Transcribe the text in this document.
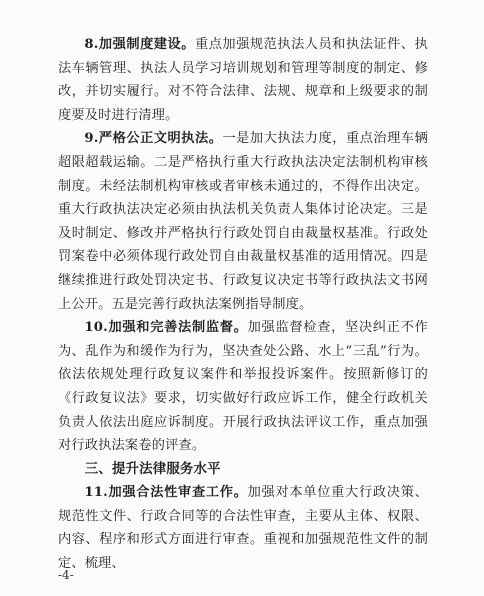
8.加强制度建设。重点加强规范执法人员和执法证件、执法车辆管理、执法人员学习培训规划和管理等制度的制定、修改，并切实履行。对不符合法律、法规、规章和上级要求的制度要及时进行清理。

9.严格公正文明执法。一是加大执法力度，重点治理车辆超限超载运输。二是严格执行重大行政执法决定法制机构审核制度。未经法制机构审核或者审核未通过的，不得作出决定。重大行政执法决定必须由执法机关负责人集体讨论决定。三是及时制定、修改并严格执行行政处罚自由裁量权基准。行政处罚案卷中必须体现行政处罚自由裁量权基准的适用情况。四是继续推进行政处罚决定书、行政复议决定书等行政执法文书网上公开。五是完善行政执法案例指导制度。

10.加强和完善法制监督。加强监督检查，坚决纠正不作为、乱作为和缓作为行为，坚决查处公路、水上“三乱”行为。依法依规处理行政复议案件和举报投诉案件。按照新修订的《行政复议法》要求，切实做好行政应诉工作，健全行政机关负责人依法出庭应诉制度。开展行政执法评议工作，重点加强对行政执法案卷的评查。

三、提升法律服务水平

11.加强合法性审查工作。加强对本单位重大行政决策、规范性文件、行政合同等的合法性审查，主要从主体、权限、内容、程序和形式方面进行审查。重视和加强规范性文件的制定、梳理、

-4-
